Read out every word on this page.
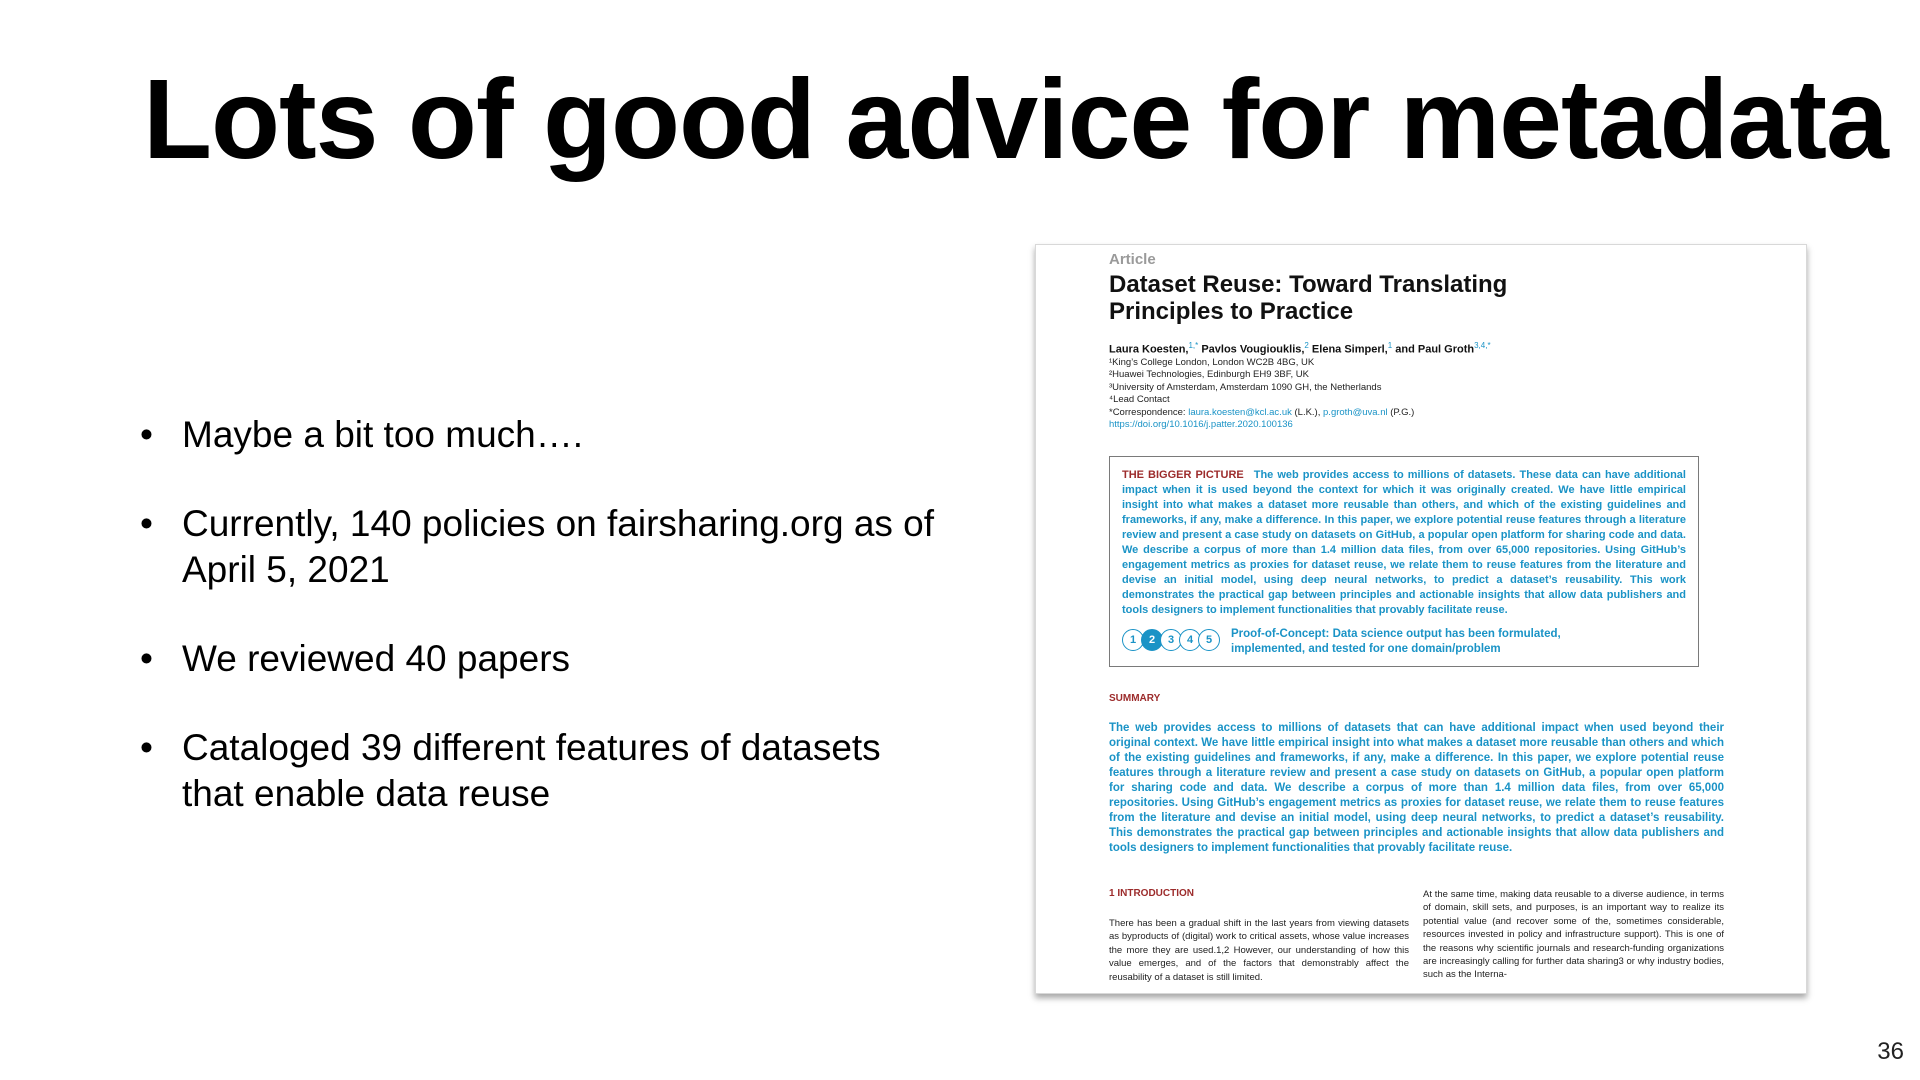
Lots of good advice for metadata
• Maybe a bit too much….
• Currently, 140 policies on fairsharing.org as of April 5, 2021
• We reviewed 40 papers
• Cataloged 39 different features of datasets that enable data reuse

Article

Dataset Reuse: Toward Translating Principles to Practice

Laura Koesten,$^{1,*}$ Pavlos Vougiouklis,$^2$ Elena Simperl,$^1$ and Paul Groth$^{3,4,*}$
¹King’s College London, London WC2B 4BG, UK
²Huawei Technologies, Edinburgh EH9 3BF, UK
³University of Amsterdam, Amsterdam 1090 GH, the Netherlands
⁴Lead Contact
*Correspondence: laura.koesten@kcl.ac.uk (L.K.), p.groth@uva.nl (P.G.)
https://doi.org/10.1016/j.patter.2020.100136
THE BIGGER PICTURE The web provides access to millions of datasets. These data can have additional impact when it is used beyond the context for which it was originally created. We have little empirical insight into what makes a dataset more reusable than others, and which of the existing guidelines and frameworks, if any, make a difference. In this paper, we explore potential reuse features through a literature review and present a case study on datasets on GitHub, a popular open platform for sharing code and data. We describe a corpus of more than 1.4 million data files, from over 65,000 repositories. Using GitHub’s engagement metrics as proxies for dataset reuse, we relate them to reuse features from the literature and devise an initial model, using deep neural networks, to predict a dataset’s reusability. This work demonstrates the practical gap between principles and actionable insights that allow data publishers and tools designers to implement functionalities that provably facilitate reuse.
1	2	3	4	5	Proof-of-Concept: Data science output has been formulated, implemented, and tested for one domain/problem
SUMMARY
The web provides access to millions of datasets that can have additional impact when used beyond their original context. We have little empirical insight into what makes a dataset more reusable than others and which of the existing guidelines and frameworks, if any, make a difference. In this paper, we explore potential reuse features through a literature review and present a case study on datasets on GitHub, a popular open platform for sharing code and data. We describe a corpus of more than 1.4 million data files, from over 65,000 repositories. Using GitHub’s engagement metrics as proxies for dataset reuse, we relate them to reuse features from the literature and devise an initial model, using deep neural networks, to predict a dataset’s reusability. This demonstrates the practical gap between principles and actionable insights that allow data publishers and tools designers to implement functionalities that provably facilitate reuse.
1 INTRODUCTION

There has been a gradual shift in the last years from viewing datasets as byproducts of (digital) work to critical assets, whose value increases the more they are used.1,2 However, our understanding of how this value emerges, and of the factors that demonstrably affect the reusability of a dataset is still limited.

At the same time, making data reusable to a diverse audience, in terms of domain, skill sets, and purposes, is an important way to realize its potential value (and recover some of the, sometimes considerable, resources invested in policy and infrastructure support). This is one of the reasons why scientific journals and research-funding organizations are increasingly calling for further data sharing3 or why industry bodies, such as the Interna-

36
